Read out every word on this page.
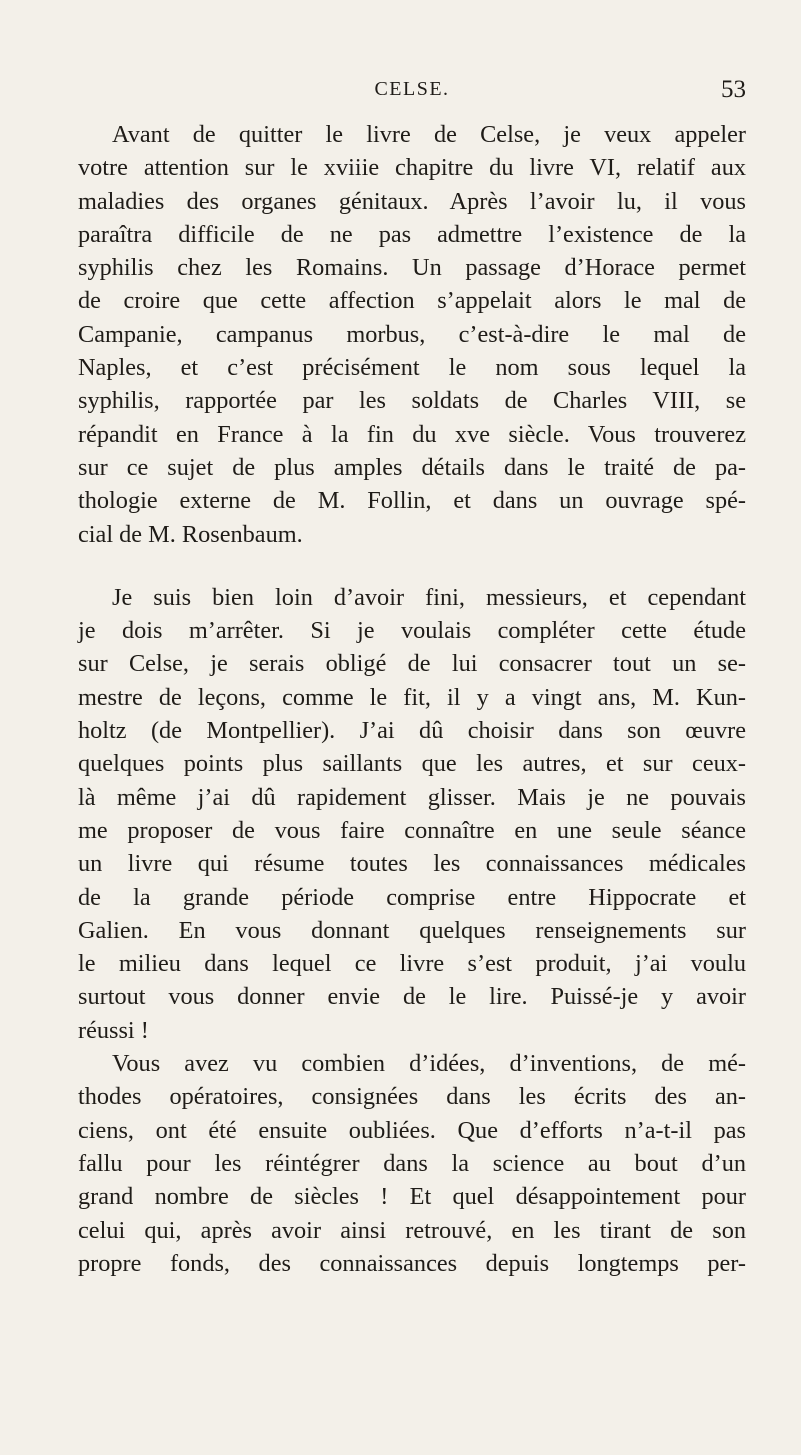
CELSE.	53
Avant de quitter le livre de Celse, je veux appeler
votre attention sur le xviiie chapitre du livre VI, relatif aux
maladies des organes génitaux. Après l’avoir lu, il vous
paraîtra difficile de ne pas admettre l’existence de la
syphilis chez les Romains. Un passage d’Horace permet
de croire que cette affection s’appelait alors le mal de
Campanie, campanus morbus, c’est-à-dire le mal de
Naples, et c’est précisément le nom sous lequel la
syphilis, rapportée par les soldats de Charles VIII, se
répandit en France à la fin du xve siècle. Vous trouverez
sur ce sujet de plus amples détails dans le traité de pa-
thologie externe de M. Follin, et dans un ouvrage spé-
cial de M. Rosenbaum.
Je suis bien loin d’avoir fini, messieurs, et cependant
je dois m’arrêter. Si je voulais compléter cette étude
sur Celse, je serais obligé de lui consacrer tout un se-
mestre de leçons, comme le fit, il y a vingt ans, M. Kun-
holtz (de Montpellier). J’ai dû choisir dans son œuvre
quelques points plus saillants que les autres, et sur ceux-
là même j’ai dû rapidement glisser. Mais je ne pouvais
me proposer de vous faire connaître en une seule séance
un livre qui résume toutes les connaissances médicales
de la grande période comprise entre Hippocrate et
Galien. En vous donnant quelques renseignements sur
le milieu dans lequel ce livre s’est produit, j’ai voulu
surtout vous donner envie de le lire. Puissé-je y avoir
réussi !
Vous avez vu combien d’idées, d’inventions, de mé-
thodes opératoires, consignées dans les écrits des an-
ciens, ont été ensuite oubliées. Que d’efforts n’a-t-il pas
fallu pour les réintégrer dans la science au bout d’un
grand nombre de siècles ! Et quel désappointement pour
celui qui, après avoir ainsi retrouvé, en les tirant de son
propre fonds, des connaissances depuis longtemps per-
